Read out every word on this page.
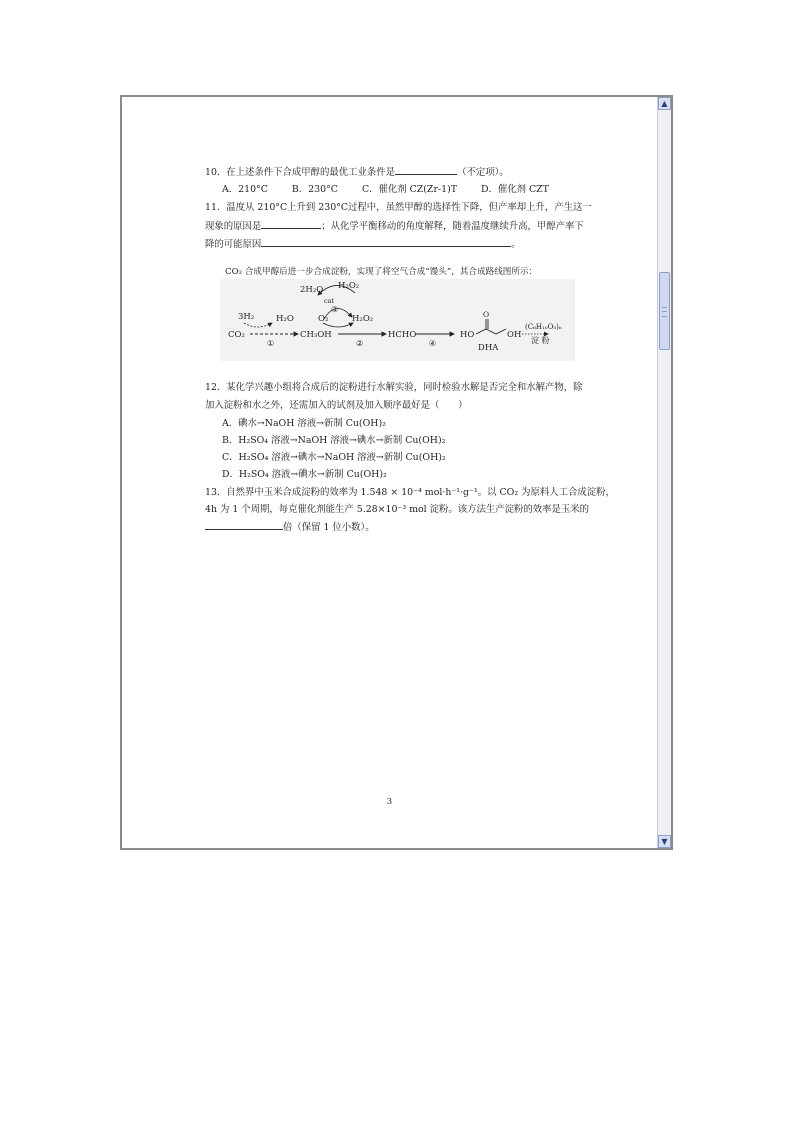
10．在上述条件下合成甲醇的最优工业条件是	（不定项）。
A．210°C	B．230°C	C．催化剂 CZ(Zr-1)T	D．催化剂 CZT
11．温度从 210°C上升到 230°C过程中，虽然甲醇的选择性下降，但产率却上升，产生这一
现象的原因是	；从化学平衡移动的角度解释，随着温度继续升高，甲醇产率下
降的可能原因	。
CO₂ 合成甲醇后进一步合成淀粉，实现了将空气合成“馒头”，其合成路线图所示：
CO₂
3H₂	H₂O
①
CH₃OH
O₂	H₂O₂
②
2H₂O H₂O₂
cat
③
HCHO
④
HO
O
OH
DHA
(C₆H₁₀O₅)ₙ
淀 粉
12．某化学兴趣小组将合成后的淀粉进行水解实验，同时检验水解是否完全和水解产物，除
加入淀粉和水之外，还需加入的试剂及加入顺序最好是（　　）
A．碘水→NaOH 溶液→新制 Cu(OH)₂
B．H₂SO₄ 溶液→NaOH 溶液→碘水→新制 Cu(OH)₂
C．H₂SO₄ 溶液→碘水→NaOH 溶液→新制 Cu(OH)₂
D．H₂SO₄ 溶液→碘水→新制 Cu(OH)₂
13．自然界中玉米合成淀粉的效率为 1.548 × 10⁻⁴ mol·h⁻¹·g⁻¹。以 CO₂ 为原料人工合成淀粉，
4h 为 1 个周期，每克催化剂能生产 5.28×10⁻³ mol 淀粉。该方法生产淀粉的效率是玉米的
倍（保留 1 位小数）。
3
▲
▼
